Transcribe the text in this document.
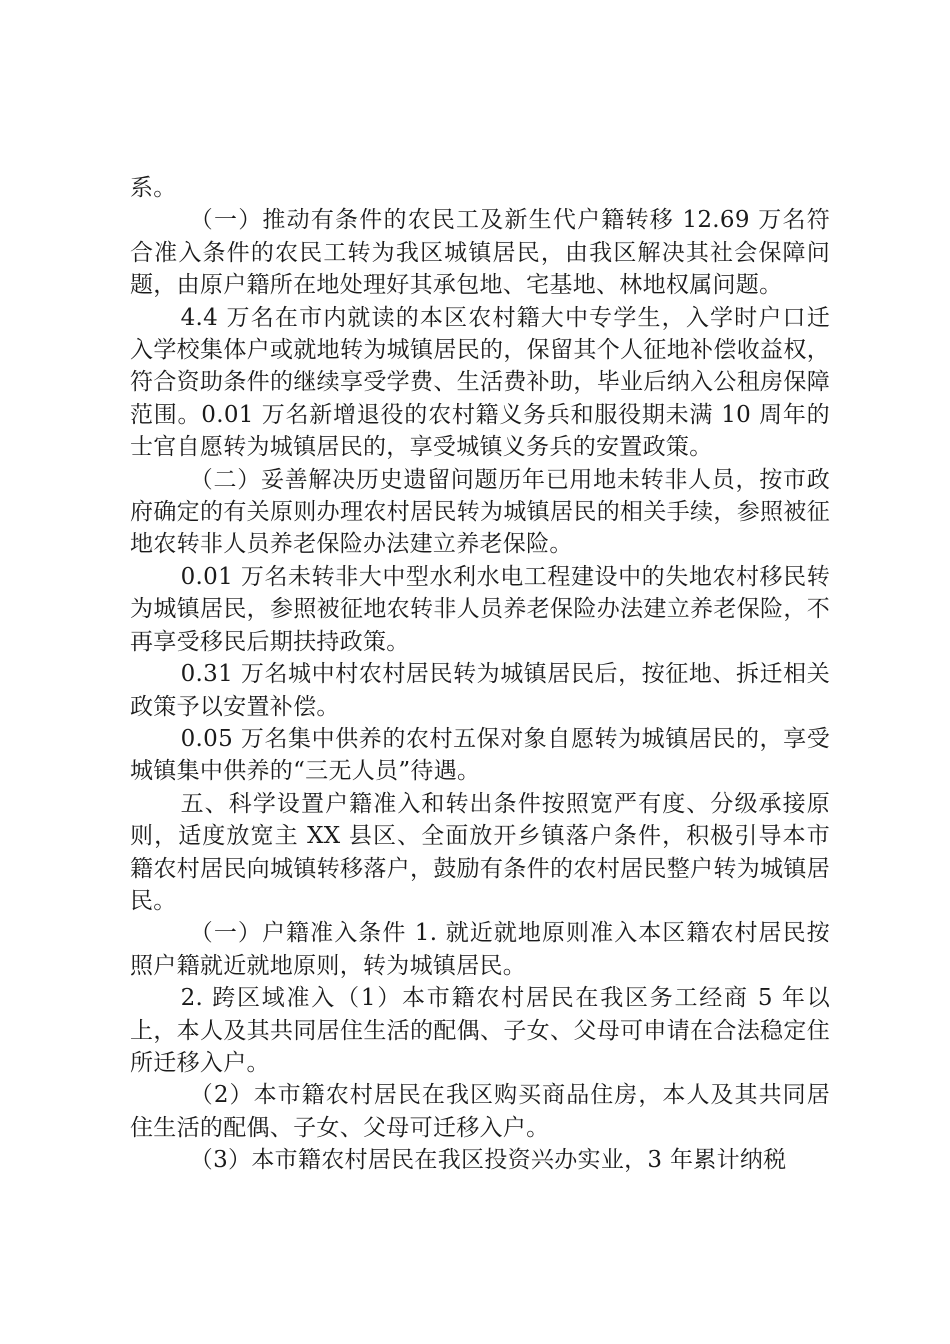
系。

（一）推动有条件的农民工及新生代户籍转移 12.69 万名符合准入条件的农民工转为我区城镇居民，由我区解决其社会保障问题，由原户籍所在地处理好其承包地、宅基地、林地权属问题。

4.4 万名在市内就读的本区农村籍大中专学生，入学时户口迁入学校集体户或就地转为城镇居民的，保留其个人征地补偿收益权，符合资助条件的继续享受学费、生活费补助，毕业后纳入公租房保障范围。0.01 万名新增退役的农村籍义务兵和服役期未满 10 周年的士官自愿转为城镇居民的，享受城镇义务兵的安置政策。

（二）妥善解决历史遗留问题历年已用地未转非人员，按市政府确定的有关原则办理农村居民转为城镇居民的相关手续，参照被征地农转非人员养老保险办法建立养老保险。

0.01 万名未转非大中型水利水电工程建设中的失地农村移民转为城镇居民，参照被征地农转非人员养老保险办法建立养老保险，不再享受移民后期扶持政策。

0.31 万名城中村农村居民转为城镇居民后，按征地、拆迁相关政策予以安置补偿。

0.05 万名集中供养的农村五保对象自愿转为城镇居民的，享受城镇集中供养的“三无人员”待遇。

五、科学设置户籍准入和转出条件按照宽严有度、分级承接原则，适度放宽主 XX 县区、全面放开乡镇落户条件，积极引导本市籍农村居民向城镇转移落户，鼓励有条件的农村居民整户转为城镇居民。

（一）户籍准入条件 1. 就近就地原则准入本区籍农村居民按照户籍就近就地原则，转为城镇居民。

2. 跨区域准入（1）本市籍农村居民在我区务工经商 5 年以上，本人及其共同居住生活的配偶、子女、父母可申请在合法稳定住所迁移入户。

（2）本市籍农村居民在我区购买商品住房，本人及其共同居住生活的配偶、子女、父母可迁移入户。

（3）本市籍农村居民在我区投资兴办实业，3 年累计纳税
